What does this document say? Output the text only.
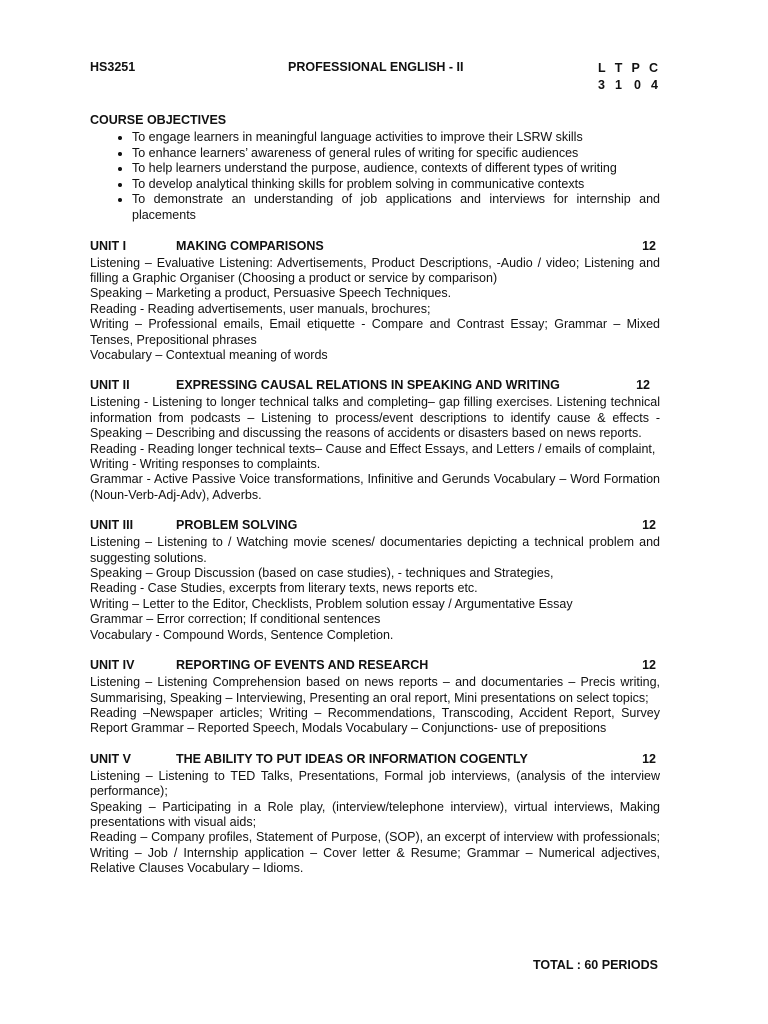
HS3251	PROFESSIONAL ENGLISH - II	L T P C
3 1 0 4
COURSE OBJECTIVES
• To engage learners in meaningful language activities to improve their LSRW skills
• To enhance learners’ awareness of general rules of writing for specific audiences
• To help learners understand the purpose, audience, contexts of different types of writing
• To develop analytical thinking skills for problem solving in communicative contexts
• To demonstrate an understanding of job applications and interviews for internship and placements
UNIT I	MAKING COMPARISONS	12

Listening – Evaluative Listening: Advertisements, Product Descriptions, -Audio / video; Listening and filling a Graphic Organiser (Choosing a product or service by comparison)

Speaking – Marketing a product, Persuasive Speech Techniques.

Reading - Reading advertisements, user manuals, brochures;

Writing – Professional emails, Email etiquette - Compare and Contrast Essay; Grammar – Mixed Tenses, Prepositional phrases

Vocabulary – Contextual meaning of words

UNIT II	EXPRESSING CAUSAL RELATIONS IN SPEAKING AND WRITING	12

Listening - Listening to longer technical talks and completing– gap filling exercises. Listening technical information from podcasts – Listening to process/event descriptions to identify cause & effects - Speaking – Describing and discussing the reasons of accidents or disasters based on news reports.

Reading - Reading longer technical texts– Cause and Effect Essays, and Letters / emails of complaint,

Writing - Writing responses to complaints.

Grammar - Active Passive Voice transformations, Infinitive and Gerunds Vocabulary – Word Formation (Noun-Verb-Adj-Adv), Adverbs.

UNIT III	PROBLEM SOLVING	12

Listening – Listening to / Watching movie scenes/ documentaries depicting a technical problem and suggesting solutions.

Speaking – Group Discussion (based on case studies), - techniques and Strategies,

Reading - Case Studies, excerpts from literary texts, news reports etc.

Writing – Letter to the Editor, Checklists, Problem solution essay / Argumentative Essay

Grammar – Error correction; If conditional sentences

Vocabulary - Compound Words, Sentence Completion.

UNIT IV	REPORTING OF EVENTS AND RESEARCH	12

Listening – Listening Comprehension based on news reports – and documentaries – Precis writing, Summarising, Speaking – Interviewing, Presenting an oral report, Mini presentations on select topics;

Reading –Newspaper articles; Writing – Recommendations, Transcoding, Accident Report, Survey Report Grammar – Reported Speech, Modals Vocabulary – Conjunctions- use of prepositions

UNIT V	THE ABILITY TO PUT IDEAS OR INFORMATION COGENTLY	12

Listening – Listening to TED Talks, Presentations, Formal job interviews, (analysis of the interview performance);

Speaking – Participating in a Role play, (interview/telephone interview), virtual interviews, Making presentations with visual aids;

Reading – Company profiles, Statement of Purpose, (SOP), an excerpt of interview with professionals; Writing – Job / Internship application – Cover letter & Resume; Grammar – Numerical adjectives, Relative Clauses Vocabulary – Idioms.

TOTAL : 60 PERIODS
